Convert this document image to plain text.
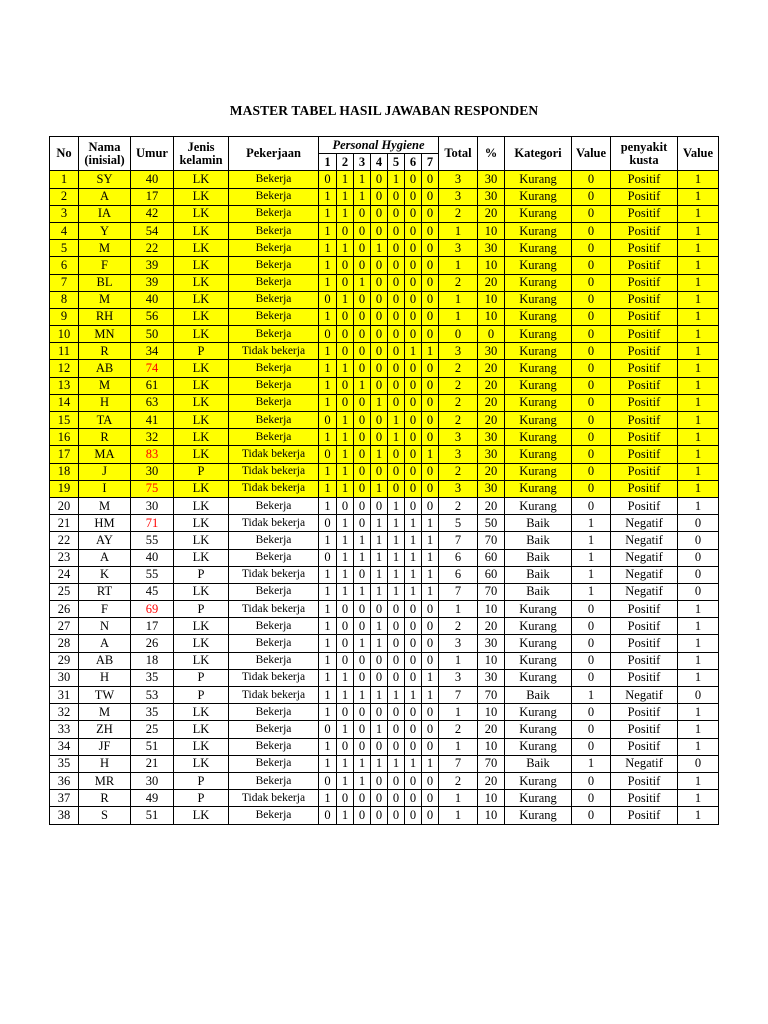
MASTER TABEL HASIL JAWABAN RESPONDEN
No	Nama (inisial)	Umur	Jenis kelamin	Pekerjaan	Personal Hygiene							Total	%	Kategori	Value	penyakit kusta	Value
					1	2	3	4	5	6	7						
1	SY	40	LK	Bekerja	0	1	1	0	1	0	0	3	30	Kurang	0	Positif	1
2	A	17	LK	Bekerja	1	1	1	0	0	0	0	3	30	Kurang	0	Positif	1
3	IA	42	LK	Bekerja	1	1	0	0	0	0	0	2	20	Kurang	0	Positif	1
4	Y	54	LK	Bekerja	1	0	0	0	0	0	0	1	10	Kurang	0	Positif	1
5	M	22	LK	Bekerja	1	1	0	1	0	0	0	3	30	Kurang	0	Positif	1
6	F	39	LK	Bekerja	1	0	0	0	0	0	0	1	10	Kurang	0	Positif	1
7	BL	39	LK	Bekerja	1	0	1	0	0	0	0	2	20	Kurang	0	Positif	1
8	M	40	LK	Bekerja	0	1	0	0	0	0	0	1	10	Kurang	0	Positif	1
9	RH	56	LK	Bekerja	1	0	0	0	0	0	0	1	10	Kurang	0	Positif	1
10	MN	50	LK	Bekerja	0	0	0	0	0	0	0	0	0	Kurang	0	Positif	1
11	R	34	P	Tidak bekerja	1	0	0	0	0	1	1	3	30	Kurang	0	Positif	1
12	AB	74	LK	Bekerja	1	1	0	0	0	0	0	2	20	Kurang	0	Positif	1
13	M	61	LK	Bekerja	1	0	1	0	0	0	0	2	20	Kurang	0	Positif	1
14	H	63	LK	Bekerja	1	0	0	1	0	0	0	2	20	Kurang	0	Positif	1
15	TA	41	LK	Bekerja	0	1	0	0	1	0	0	2	20	Kurang	0	Positif	1
16	R	32	LK	Bekerja	1	1	0	0	1	0	0	3	30	Kurang	0	Positif	1
17	MA	83	LK	Tidak bekerja	0	1	0	1	0	0	1	3	30	Kurang	0	Positif	1
18	J	30	P	Tidak bekerja	1	1	0	0	0	0	0	2	20	Kurang	0	Positif	1
19	I	75	LK	Tidak bekerja	1	1	0	1	0	0	0	3	30	Kurang	0	Positif	1
20	M	30	LK	Bekerja	1	0	0	0	1	0	0	2	20	Kurang	0	Positif	1
21	HM	71	LK	Tidak bekerja	0	1	0	1	1	1	1	5	50	Baik	1	Negatif	0
22	AY	55	LK	Bekerja	1	1	1	1	1	1	1	7	70	Baik	1	Negatif	0
23	A	40	LK	Bekerja	0	1	1	1	1	1	1	6	60	Baik	1	Negatif	0
24	K	55	P	Tidak bekerja	1	1	0	1	1	1	1	6	60	Baik	1	Negatif	0
25	RT	45	LK	Bekerja	1	1	1	1	1	1	1	7	70	Baik	1	Negatif	0
26	F	69	P	Tidak bekerja	1	0	0	0	0	0	0	1	10	Kurang	0	Positif	1
27	N	17	LK	Bekerja	1	0	0	1	0	0	0	2	20	Kurang	0	Positif	1
28	A	26	LK	Bekerja	1	0	1	1	0	0	0	3	30	Kurang	0	Positif	1
29	AB	18	LK	Bekerja	1	0	0	0	0	0	0	1	10	Kurang	0	Positif	1
30	H	35	P	Tidak bekerja	1	1	0	0	0	0	1	3	30	Kurang	0	Positif	1
31	TW	53	P	Tidak bekerja	1	1	1	1	1	1	1	7	70	Baik	1	Negatif	0
32	M	35	LK	Bekerja	1	0	0	0	0	0	0	1	10	Kurang	0	Positif	1
33	ZH	25	LK	Bekerja	0	1	0	1	0	0	0	2	20	Kurang	0	Positif	1
34	JF	51	LK	Bekerja	1	0	0	0	0	0	0	1	10	Kurang	0	Positif	1
35	H	21	LK	Bekerja	1	1	1	1	1	1	1	7	70	Baik	1	Negatif	0
36	MR	30	P	Bekerja	0	1	1	0	0	0	0	2	20	Kurang	0	Positif	1
37	R	49	P	Tidak bekerja	1	0	0	0	0	0	0	1	10	Kurang	0	Positif	1
38	S	51	LK	Bekerja	0	1	0	0	0	0	0	1	10	Kurang	0	Positif	1
